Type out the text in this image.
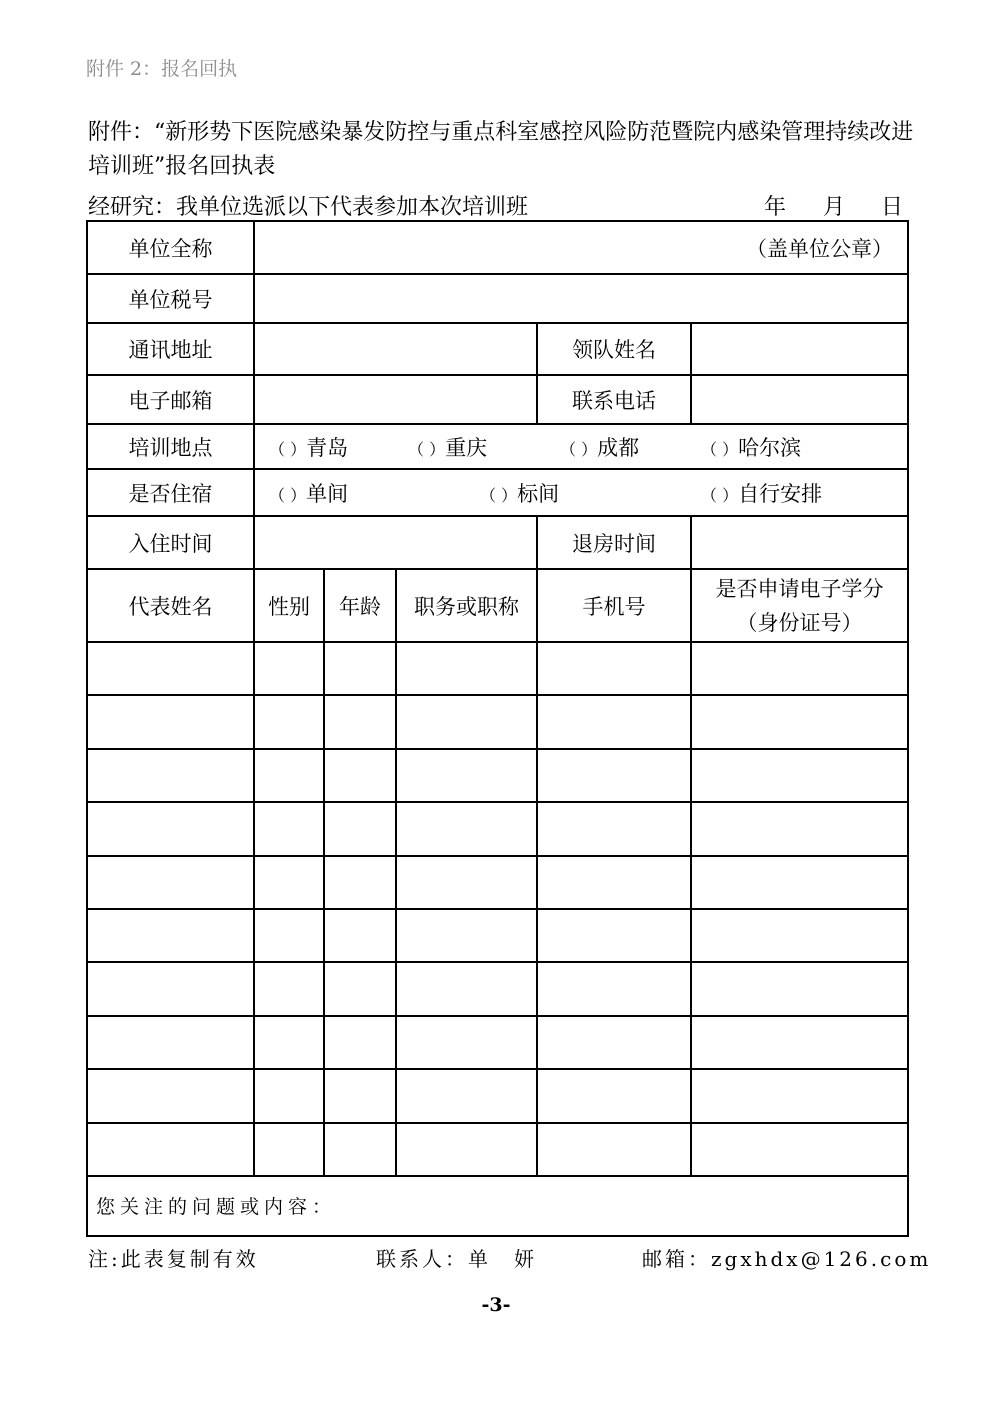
附件 2：报名回执
附件：“新形势下医院感染暴发防控与重点科室感控风险防范暨院内感染管理持续改进培训班”报名回执表
经研究：我单位选派以下代表参加本次培训班	年 月 日
单位全称	（盖单位公章）				
单位税号					
通讯地址				领队姓名	
电子邮箱				联系电话	
培训地点	（ ）青岛 （ ）重庆 （ ）成都 （ ）哈尔滨				

是否住宿	（ ）单间 （ ）标间 （ ）自行安排				

入住时间				退房时间	
代表姓名	性别	年龄	职务或职称	手机号	是否申请电子学分
（身份证号）

您关注的问题或内容：					
注:此表复制有效	联系人：单　妍	邮箱：zgxhdx@126.com
-3-
